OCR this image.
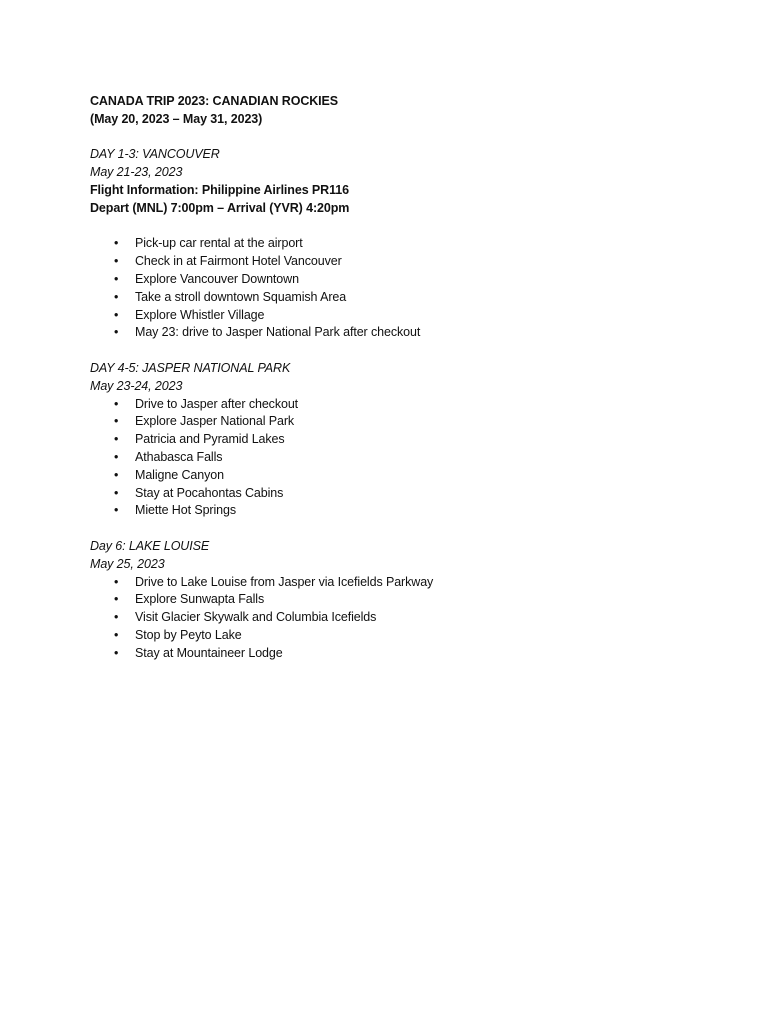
CANADA TRIP 2023: CANADIAN ROCKIES
(May 20, 2023 – May 31, 2023)
DAY 1-3: VANCOUVER
May 21-23, 2023
Flight Information: Philippine Airlines PR116
Depart (MNL) 7:00pm – Arrival (YVR) 4:20pm
• Pick-up car rental at the airport
• Check in at Fairmont Hotel Vancouver
• Explore Vancouver Downtown
• Take a stroll downtown Squamish Area
• Explore Whistler Village
• May 23: drive to Jasper National Park after checkout
DAY 4-5: JASPER NATIONAL PARK
May 23-24, 2023
• Drive to Jasper after checkout
• Explore Jasper National Park
• Patricia and Pyramid Lakes
• Athabasca Falls
• Maligne Canyon
• Stay at Pocahontas Cabins
• Miette Hot Springs
Day 6: LAKE LOUISE
May 25, 2023
• Drive to Lake Louise from Jasper via Icefields Parkway
• Explore Sunwapta Falls
• Visit Glacier Skywalk and Columbia Icefields
• Stop by Peyto Lake
• Stay at Mountaineer Lodge
